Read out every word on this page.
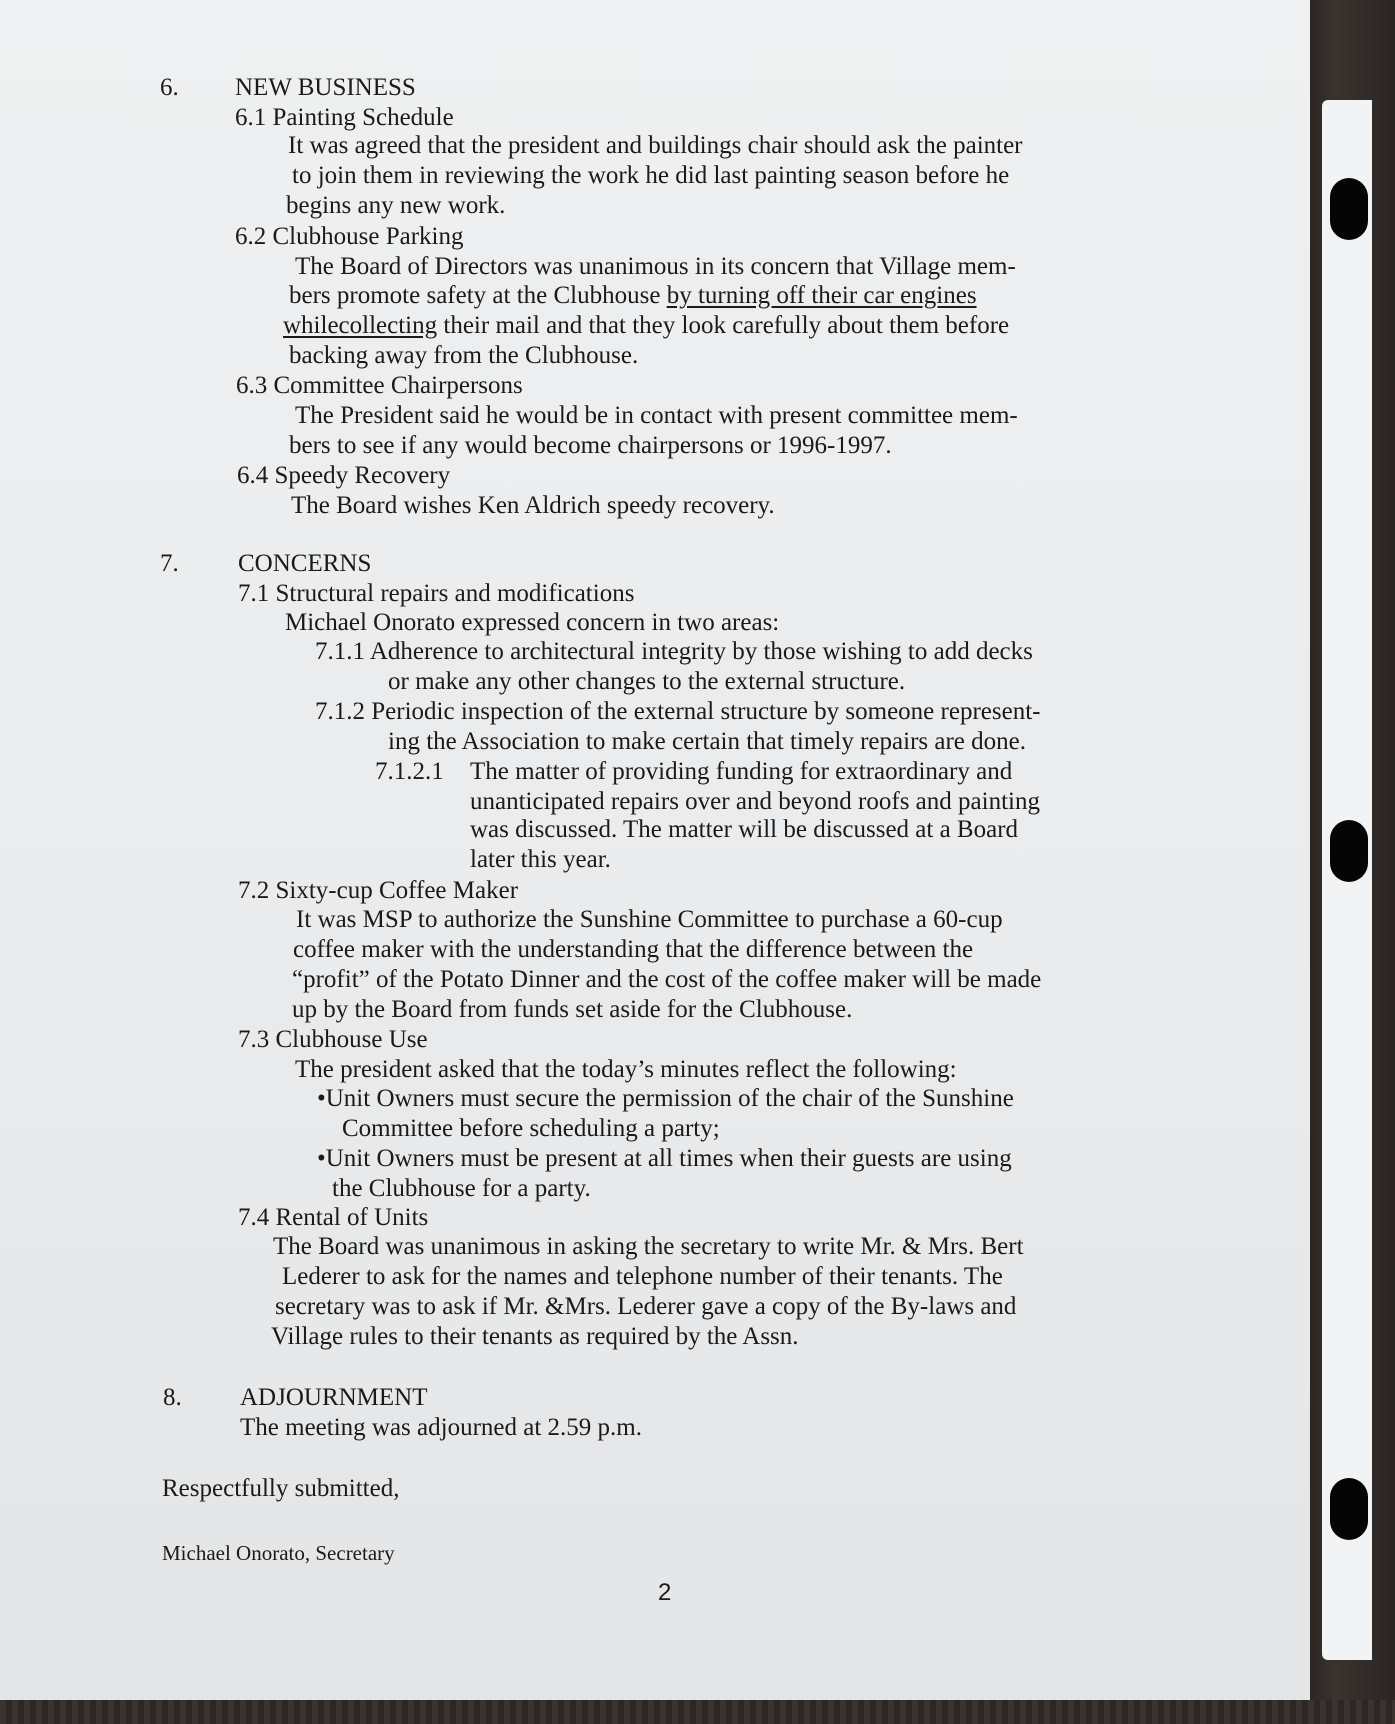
6. NEW BUSINESS
6.1 Painting Schedule
It was agreed that the president and buildings chair should ask the painter
to join them in reviewing the work he did last painting season before he
begins any new work.
6.2 Clubhouse Parking
The Board of Directors was unanimous in its concern that Village mem-
bers promote safety at the Clubhouse by turning off their car engines
whilecollecting their mail and that they look carefully about them before
backing away from the Clubhouse.
6.3 Committee Chairpersons
The President said he would be in contact with present committee mem-
bers to see if any would become chairpersons or 1996-1997.
6.4 Speedy Recovery
The Board wishes Ken Aldrich speedy recovery.
7. CONCERNS
7.1 Structural repairs and modifications
Michael Onorato expressed concern in two areas:
7.1.1 Adherence to architectural integrity by those wishing to add decks
or make any other changes to the external structure.
7.1.2 Periodic inspection of the external structure by someone represent-
ing the Association to make certain that timely repairs are done.
7.1.2.1 The matter of providing funding for extraordinary and
unanticipated repairs over and beyond roofs and painting
was discussed. The matter will be discussed at a Board
later this year.
7.2 Sixty-cup Coffee Maker
It was MSP to authorize the Sunshine Committee to purchase a 60-cup
coffee maker with the understanding that the difference between the
“profit” of the Potato Dinner and the cost of the coffee maker will be made
up by the Board from funds set aside for the Clubhouse.
7.3 Clubhouse Use
The president asked that the today’s minutes reflect the following:
•Unit Owners must secure the permission of the chair of the Sunshine
Committee before scheduling a party;
•Unit Owners must be present at all times when their guests are using
the Clubhouse for a party.
7.4 Rental of Units
The Board was unanimous in asking the secretary to write Mr. & Mrs. Bert
Lederer to ask for the names and telephone number of their tenants. The
secretary was to ask if Mr. &Mrs. Lederer gave a copy of the By-laws and
Village rules to their tenants as required by the Assn.
8. ADJOURNMENT
The meeting was adjourned at 2.59 p.m.
Respectfully submitted,
Michael Onorato, Secretary
2
